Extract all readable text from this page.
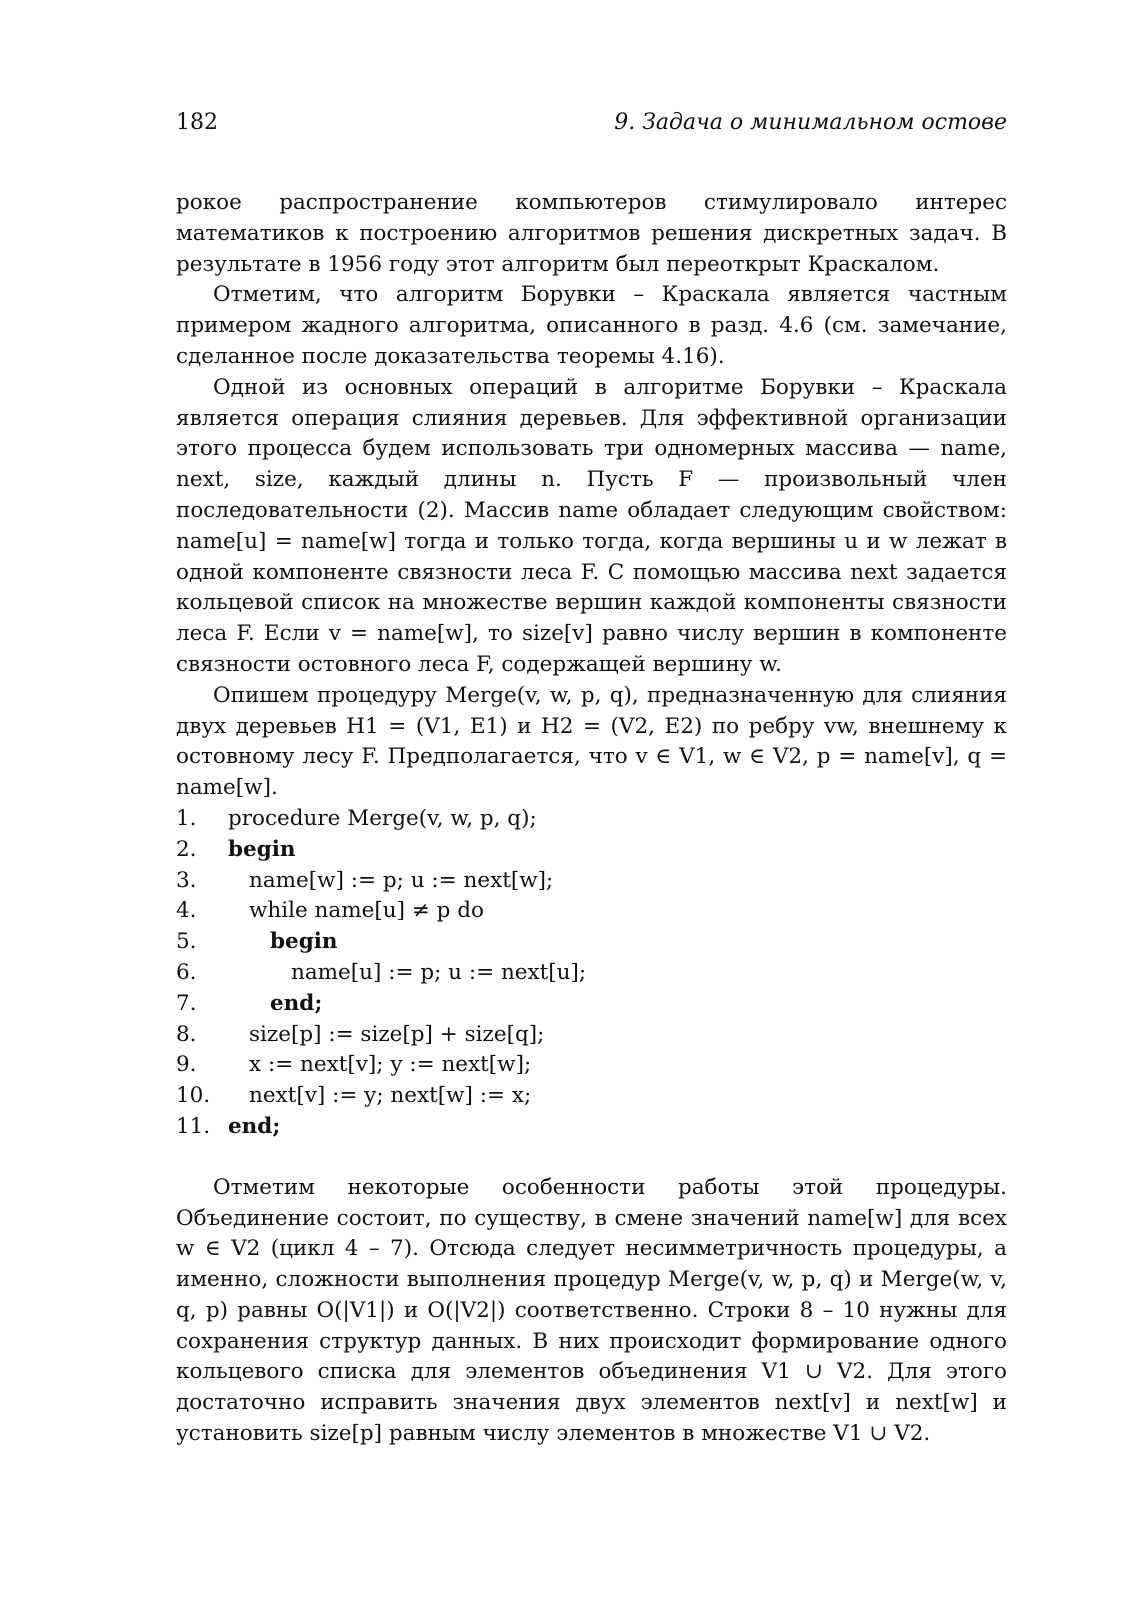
182	9. Задача о минимальном остове

рокое распространение компьютеров стимулировало интерес математиков к построению алгоритмов решения дискретных задач. В результате в 1956 году этот алгоритм был переоткрыт Краскалом.

Отметим, что алгоритм Борувки – Краскала является частным примером жадного алгоритма, описанного в разд. 4.6 (см. замечание, сделанное после доказательства теоремы 4.16).

Одной из основных операций в алгоритме Борувки – Краскала является операция слияния деревьев. Для эффективной организации этого процесса будем использовать три одномерных массива — name, next, size, каждый длины n. Пусть F — произвольный член последовательности (2). Массив name обладает следующим свойством: name[u] = name[w] тогда и только тогда, когда вершины u и w лежат в одной компоненте связности леса F. С помощью массива next задается кольцевой список на множестве вершин каждой компоненты связности леса F. Если v = name[w], то size[v] равно числу вершин в компоненте связности остовного леса F, содержащей вершину w.

Опишем процедуру Merge(v, w, p, q), предназначенную для слияния двух деревьев H1 = (V1, E1) и H2 = (V2, E2) по ребру vw, внешнему к остовному лесу F. Предполагается, что v ∈ V1, w ∈ V2, p = name[v], q = name[w].

1.	procedure Merge(v, w, p, q);
2.	begin
3.	name[w] := p; u := next[w];
4.	while name[u] ≠ p do
5.	begin
6.	name[u] := p; u := next[u];
7.	end;
8.	size[p] := size[p] + size[q];
9.	x := next[v]; y := next[w];
10.	next[v] := y; next[w] := x;
11. end;

Отметим некоторые особенности работы этой процедуры. Объединение состоит, по существу, в смене значений name[w] для всех w ∈ V2 (цикл 4 – 7). Отсюда следует несимметричность процедуры, а именно, сложности выполнения процедур Merge(v, w, p, q) и Merge(w, v, q, p) равны O(|V1|) и O(|V2|) соответственно. Строки 8 – 10 нужны для сохранения структур данных. В них происходит формирование одного кольцевого списка для элементов объединения V1 ∪ V2. Для этого достаточно исправить значения двух элементов next[v] и next[w] и установить size[p] равным числу элементов в множестве V1 ∪ V2.
